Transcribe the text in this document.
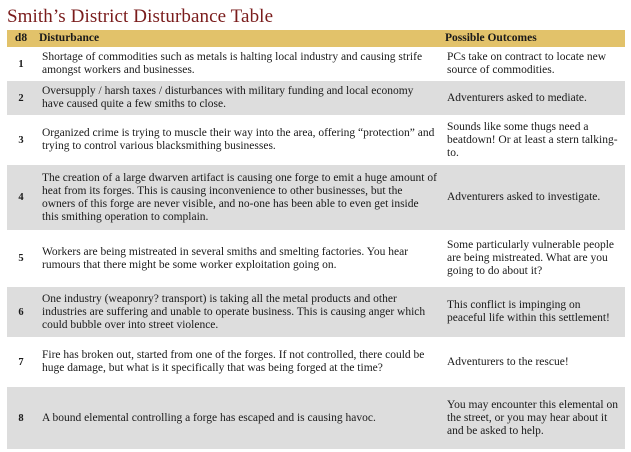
Smith’s District Disturbance Table
d8	Disturbance	Possible Outcomes
1	Shortage of commodities such as metals is halting local industry and causing strife amongst workers and businesses.	PCs take on contract to locate new source of commodities.
2	Oversupply / harsh taxes / disturbances with military funding and local economy have caused quite a few smiths to close.	Adventurers asked to mediate.
3	Organized crime is trying to muscle their way into the area, offering “protection” and trying to control various blacksmithing businesses.	Sounds like some thugs need a beatdown! Or at least a stern talking-to.
4	The creation of a large dwarven artifact is causing one forge to emit a huge amount of heat from its forges. This is causing inconvenience to other businesses, but the owners of this forge are never visible, and no-one has been able to even get inside this smithing operation to complain.	Adventurers asked to investigate.
5	Workers are being mistreated in several smiths and smelting factories. You hear rumours that there might be some worker exploitation going on.	Some particularly vulnerable people are being mistreated. What are you going to do about it?
6	One industry (weaponry? transport) is taking all the metal products and other industries are suffering and unable to operate business. This is causing anger which could bubble over into street violence.	This conflict is impinging on peaceful life within this settlement!
7	Fire has broken out, started from one of the forges. If not controlled, there could be huge damage, but what is it specifically that was being forged at the time?	Adventurers to the rescue!
8	A bound elemental controlling a forge has escaped and is causing havoc.	You may encounter this elemental on the street, or you may hear about it and be asked to help.
